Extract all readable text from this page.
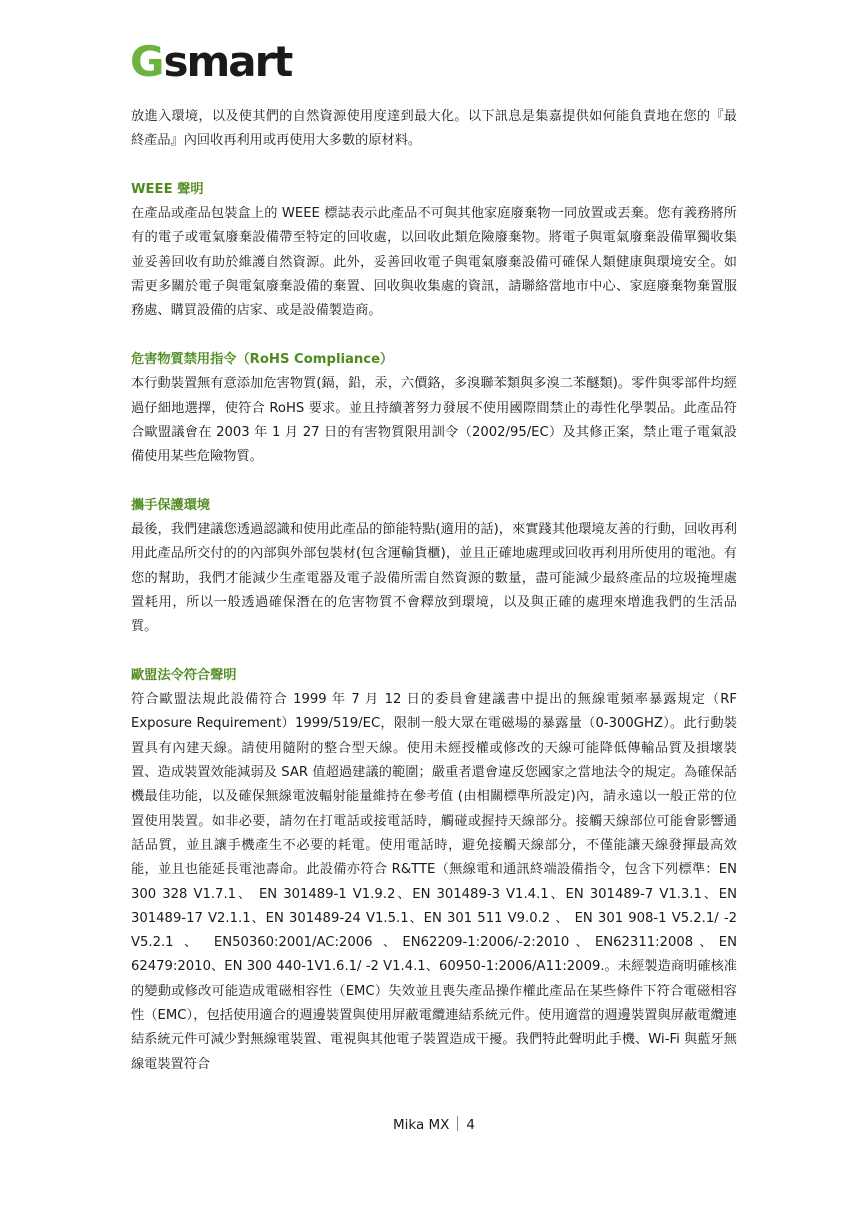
G smart

放進入環境，以及使其們的自然資源使用度達到最大化。以下訊息是集嘉提供如何能負責地在您的『最終產品』內回收再利用或再使用大多數的原材料。

WEEE 聲明

在產品或產品包裝盒上的 WEEE 標誌表示此產品不可與其他家庭廢棄物一同放置或丟棄。您有義務將所有的電子或電氣廢棄設備帶至特定的回收處，以回收此類危險廢棄物。將電子與電氣廢棄設備單獨收集並妥善回收有助於維護自然資源。此外，妥善回收電子與電氣廢棄設備可確保人類健康與環境安全。如需更多關於電子與電氣廢棄設備的棄置、回收與收集處的資訊，請聯絡當地市中心、家庭廢棄物棄置服務處、購買設備的店家、或是設備製造商。

危害物質禁用指令（RoHS Compliance）

本行動裝置無有意添加危害物質(鎘，鉛，汞，六價鉻，多溴聯苯類與多溴二苯醚類)。零件與零部件均經過仔細地選擇，使符合 RoHS 要求。並且持續著努力發展不使用國際間禁止的毒性化學製品。此產品符合歐盟議會在 2003 年 1 月 27 日的有害物質限用訓令（2002/95/EC）及其修正案，禁止電子電氣設備使用某些危險物質。

攜手保護環境

最後，我們建議您透過認識和使用此產品的節能特點(適用的話)，來實踐其他環境友善的行動，回收再利用此產品所交付的的內部與外部包裝材(包含運輸貨櫃)，並且正確地處理或回收再利用所使用的電池。有您的幫助，我們才能減少生產電器及電子設備所需自然資源的數量，盡可能減少最終產品的垃圾掩埋處置耗用，所以一般透過確保潛在的危害物質不會釋放到環境，以及與正確的處理來增進我們的生活品質。

歐盟法令符合聲明

符合歐盟法規此設備符合 1999 年 7 月 12 日的委員會建議書中提出的無線電頻率暴露規定（RF Exposure Requirement）1999/519/EC，限制一般大眾在電磁場的暴露量（0-300GHZ）。此行動裝置具有內建天線。請使用隨附的整合型天線。使用未經授權或修改的天線可能降低傳輸品質及損壞裝置、造成裝置效能減弱及 SAR 值超過建議的範圍；嚴重者還會違反您國家之當地法令的規定。為確保話機最佳功能，以及確保無線電波輻射能量維持在參考值 (由相關標準所設定)內，請永遠以一般正常的位置使用裝置。如非必要，請勿在打電話或接電話時，觸碰或握持天線部分。接觸天線部位可能會影響通話品質，並且讓手機產生不必要的耗電。使用電話時，避免接觸天線部分，不僅能讓天線發揮最高效能，並且也能延長電池壽命。此設備亦符合 R&TTE（無線電和通訊終端設備指令，包含下列標準：EN 300 328 V1.7.1、 EN 301489-1 V1.9.2、EN 301489-3 V1.4.1、EN 301489-7 V1.3.1、EN 301489-17 V2.1.1、EN 301489-24 V1.5.1、EN 301 511 V9.0.2 、 EN 301 908-1 V5.2.1/ -2 V5.2.1 、 EN50360:2001/AC:2006 、EN62209-1:2006/-2:2010、EN62311:2008、EN 62479:2010、EN 300 440-1V1.6.1/ -2 V1.4.1、60950-1:2006/A11:2009.。未經製造商明確核准的變動或修改可能造成電磁相容性（EMC）失效並且喪失產品操作權此產品在某些條件下符合電磁相容性（EMC），包括使用適合的週邊裝置與使用屏蔽電纜連結系統元件。使用適當的週邊裝置與屏蔽電纜連結系統元件可減少對無線電裝置、電視與其他電子裝置造成干擾。我們特此聲明此手機、Wi-Fi 與藍牙無線電裝置符合

Mika MX 4
